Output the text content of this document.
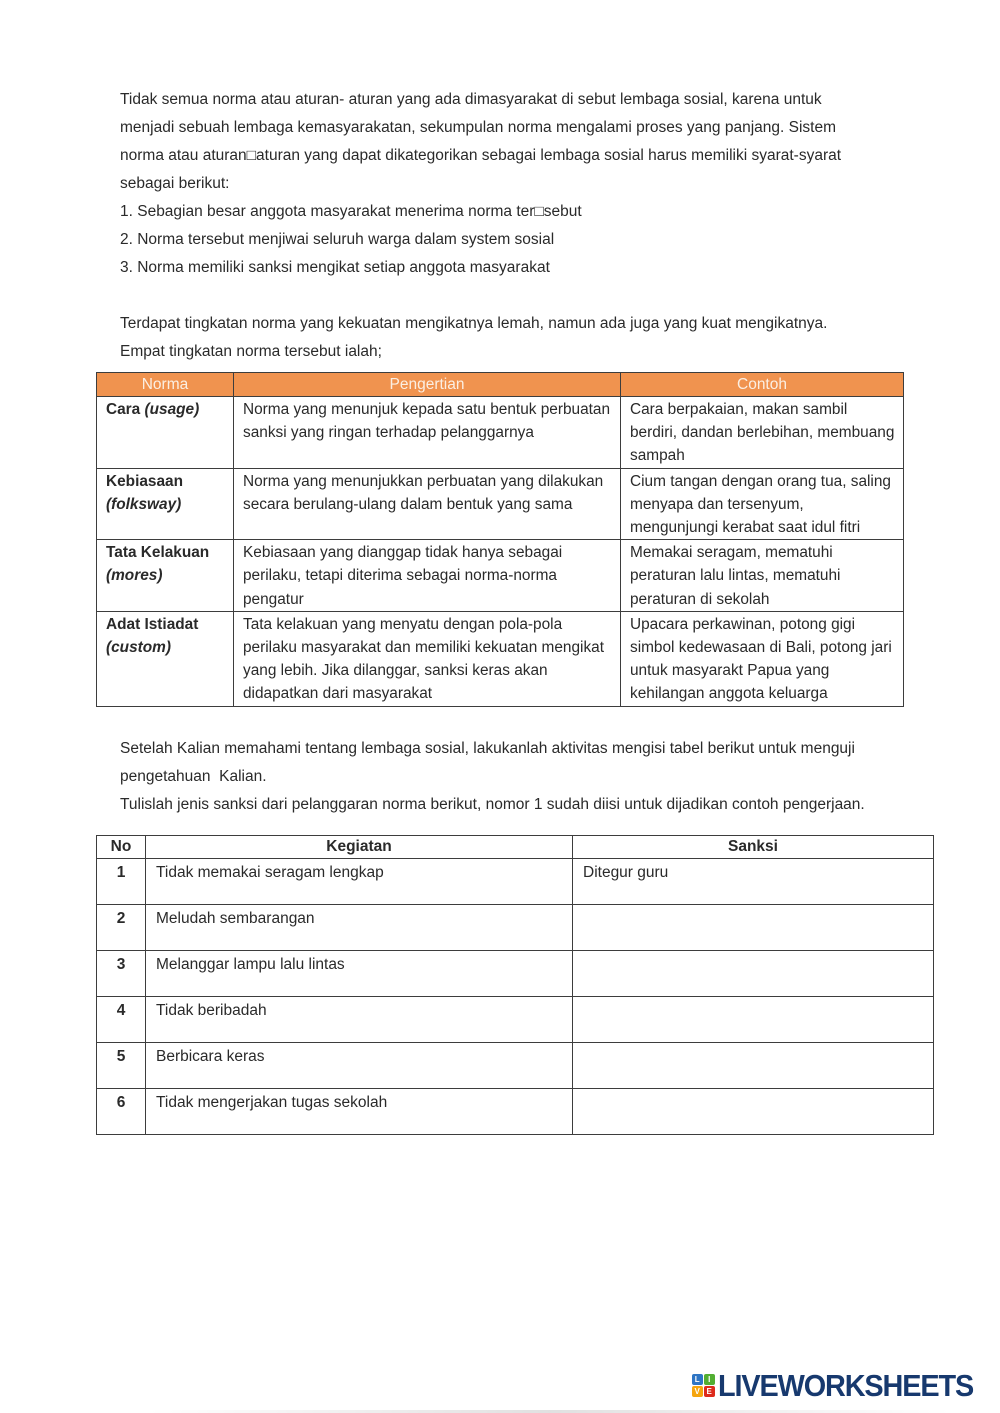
Tidak semua norma atau aturan- aturan yang ada dimasyarakat di sebut lembaga sosial, karena untuk
menjadi sebuah lembaga kemasyarakatan, sekumpulan norma mengalami proses yang panjang. Sistem
norma atau aturan□aturan yang dapat dikategorikan sebagai lembaga sosial harus memiliki syarat-syarat
sebagai berikut:
1. Sebagian besar anggota masyarakat menerima norma ter□sebut
2. Norma tersebut menjiwai seluruh warga dalam system sosial
3. Norma memiliki sanksi mengikat setiap anggota masyarakat
Terdapat tingkatan norma yang kekuatan mengikatnya lemah, namun ada juga yang kuat mengikatnya.
Empat tingkatan norma tersebut ialah;
Norma	Pengertian	Contoh
Cara (usage)	Norma yang menunjuk kepada satu bentuk perbuatan sanksi yang ringan terhadap pelanggarnya	Cara berpakaian, makan sambil berdiri, dandan berlebihan, membuang sampah
Kebiasaan (folksway)	Norma yang menunjukkan perbuatan yang dilakukan secara berulang-ulang dalam bentuk yang sama	Cium tangan dengan orang tua, saling menyapa dan tersenyum, mengunjungi kerabat saat idul fitri
Tata Kelakuan (mores)	Kebiasaan yang dianggap tidak hanya sebagai perilaku, tetapi diterima sebagai norma-norma pengatur	Memakai seragam, mematuhi peraturan lalu lintas, mematuhi peraturan di sekolah
Adat Istiadat (custom)	Tata kelakuan yang menyatu dengan pola-pola perilaku masyarakat dan memiliki kekuatan mengikat yang lebih. Jika dilanggar, sanksi keras akan didapatkan dari masyarakat	Upacara perkawinan, potong gigi simbol kedewasaan di Bali, potong jari untuk masyarakt Papua yang kehilangan anggota keluarga
Setelah Kalian memahami tentang lembaga sosial, lakukanlah aktivitas mengisi tabel berikut untuk menguji
pengetahuan  Kalian.
Tulislah jenis sanksi dari pelanggaran norma berikut, nomor 1 sudah diisi untuk dijadikan contoh pengerjaan.
No	Kegiatan	Sanksi
1	Tidak memakai seragam lengkap	Ditegur guru
2	Meludah sembarangan	
3	Melanggar lampu lalu lintas	
4	Tidak beribadah	
5	Berbicara keras	
6	Tidak mengerjakan tugas sekolah	
L	I
V E LIVEWORKSHEETS
